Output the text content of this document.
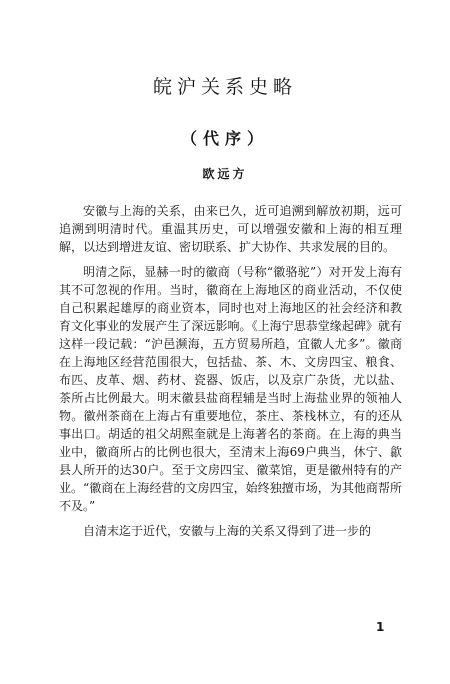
皖沪关系史略
（代序）
欧远方

安徽与上海的关系，由来已久，近可追溯到解放初期，远可追溯到明清时代。重温其历史，可以增强安徽和上海的相互理解，以达到增进友谊、密切联系、扩大协作、共求发展的目的。

明清之际，显赫一时的徽商（号称“徽骆驼”）对开发上海有其不可忽视的作用。当时，徽商在上海地区的商业活动，不仅使自己积累起雄厚的商业资本，同时也对上海地区的社会经济和教育文化事业的发展产生了深远影响。《上海宁思恭堂缘起碑》就有这样一段记载：“沪邑濒海，五方贸易所趋，宜徽人尤多”。徽商在上海地区经营范围很大，包括盐、茶、木、文房四宝、粮食、布匹、皮革、烟、药材、瓷器、饭店，以及京广杂货，尤以盐、茶所占比例最大。明末徽县盐商程辅是当时上海盐业界的领袖人物。徽州茶商在上海占有重要地位，茶庄、茶栈林立，有的还从事出口。胡适的祖父胡熙奎就是上海著名的茶商。在上海的典当业中，徽商所占的比例也很大，至清末上海69户典当，休宁、歙县人所开的达30户。至于文房四宝、徽菜馆，更是徽州特有的产业。“徽商在上海经营的文房四宝，始终独擅市场，为其他商帮所不及。”

自清末迄于近代，安徽与上海的关系又得到了进一步的

1
